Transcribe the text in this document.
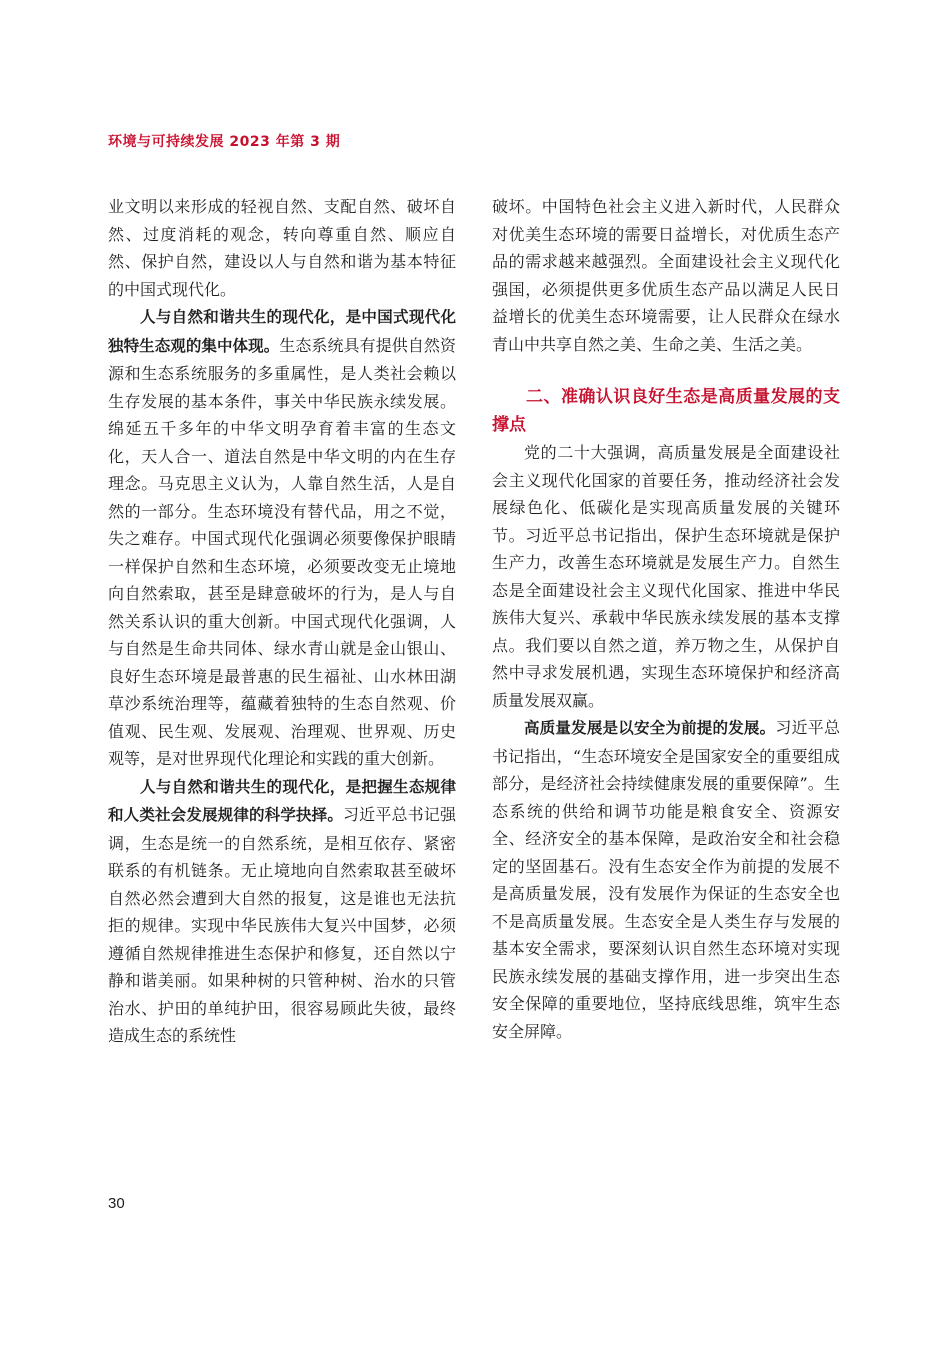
环境与可持续发展 2023 年第 3 期

业文明以来形成的轻视自然、支配自然、破坏自然、过度消耗的观念，转向尊重自然、顺应自然、保护自然，建设以人与自然和谐为基本特征的中国式现代化。

人与自然和谐共生的现代化，是中国式现代化独特生态观的集中体现。生态系统具有提供自然资源和生态系统服务的多重属性，是人类社会赖以生存发展的基本条件，事关中华民族永续发展。绵延五千多年的中华文明孕育着丰富的生态文化，天人合一、道法自然是中华文明的内在生存理念。马克思主义认为，人靠自然生活，人是自然的一部分。生态环境没有替代品，用之不觉，失之难存。中国式现代化强调必须要像保护眼睛一样保护自然和生态环境，必须要改变无止境地向自然索取，甚至是肆意破坏的行为，是人与自然关系认识的重大创新。中国式现代化强调，人与自然是生命共同体、绿水青山就是金山银山、良好生态环境是最普惠的民生福祉、山水林田湖草沙系统治理等，蕴藏着独特的生态自然观、价值观、民生观、发展观、治理观、世界观、历史观等，是对世界现代化理论和实践的重大创新。

人与自然和谐共生的现代化，是把握生态规律和人类社会发展规律的科学抉择。习近平总书记强调，生态是统一的自然系统，是相互依存、紧密联系的有机链条。无止境地向自然索取甚至破坏自然必然会遭到大自然的报复，这是谁也无法抗拒的规律。实现中华民族伟大复兴中国梦，必须遵循自然规律推进生态保护和修复，还自然以宁静和谐美丽。如果种树的只管种树、治水的只管治水、护田的单纯护田，很容易顾此失彼，最终造成生态的系统性

破坏。中国特色社会主义进入新时代，人民群众对优美生态环境的需要日益增长，对优质生态产品的需求越来越强烈。全面建设社会主义现代化强国，必须提供更多优质生态产品以满足人民日益增长的优美生态环境需要，让人民群众在绿水青山中共享自然之美、生命之美、生活之美。

二、准确认识良好生态是高质量发展的支撑点

党的二十大强调，高质量发展是全面建设社会主义现代化国家的首要任务，推动经济社会发展绿色化、低碳化是实现高质量发展的关键环节。习近平总书记指出，保护生态环境就是保护生产力，改善生态环境就是发展生产力。自然生态是全面建设社会主义现代化国家、推进中华民族伟大复兴、承载中华民族永续发展的基本支撑点。我们要以自然之道，养万物之生，从保护自然中寻求发展机遇，实现生态环境保护和经济高质量发展双赢。

高质量发展是以安全为前提的发展。习近平总书记指出，“生态环境安全是国家安全的重要组成部分，是经济社会持续健康发展的重要保障”。生态系统的供给和调节功能是粮食安全、资源安全、经济安全的基本保障，是政治安全和社会稳定的坚固基石。没有生态安全作为前提的发展不是高质量发展，没有发展作为保证的生态安全也不是高质量发展。生态安全是人类生存与发展的基本安全需求，要深刻认识自然生态环境对实现民族永续发展的基础支撑作用，进一步突出生态安全保障的重要地位，坚持底线思维，筑牢生态安全屏障。

30
